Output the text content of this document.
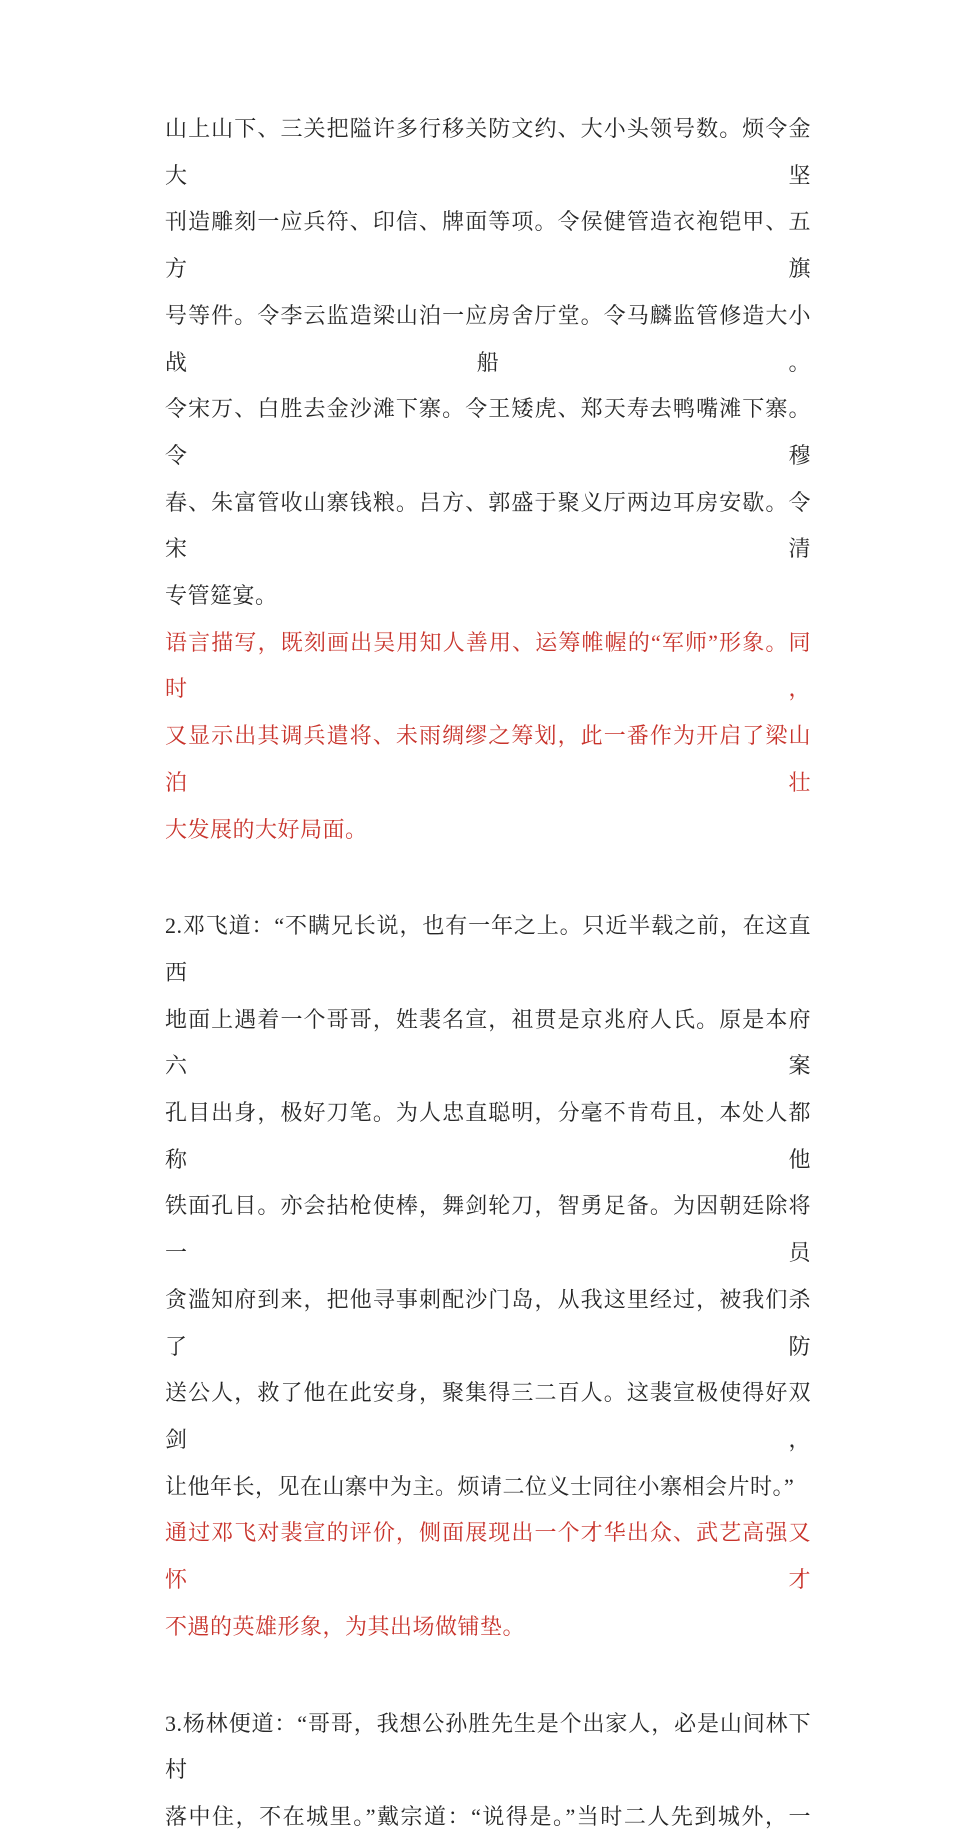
山上山下、三关把隘许多行移关防文约、大小头领号数。烦令金大坚
刊造雕刻一应兵符、印信、牌面等项。令侯健管造衣袍铠甲、五方旗
号等件。令李云监造梁山泊一应房舍厅堂。令马麟监管修造大小战船。
令宋万、白胜去金沙滩下寨。令王矮虎、郑天寿去鸭嘴滩下寨。令穆
春、朱富管收山寨钱粮。吕方、郭盛于聚义厅两边耳房安歇。令宋清
专管筵宴。
语言描写，既刻画出吴用知人善用、运筹帷幄的“军师”形象。同时，
又显示出其调兵遣将、未雨绸缪之筹划，此一番作为开启了梁山泊壮
大发展的大好局面。
2.邓飞道：“不瞒兄长说，也有一年之上。只近半载之前，在这直西
地面上遇着一个哥哥，姓裴名宣，祖贯是京兆府人氏。原是本府六案
孔目出身，极好刀笔。为人忠直聪明，分毫不肯苟且，本处人都称他
铁面孔目。亦会拈枪使棒，舞剑轮刀，智勇足备。为因朝廷除将一员
贪滥知府到来，把他寻事刺配沙门岛，从我这里经过，被我们杀了防
送公人，救了他在此安身，聚集得三二百人。这裴宣极使得好双剑，
让他年长，见在山寨中为主。烦请二位义士同往小寨相会片时。”
通过邓飞对裴宣的评价，侧面展现出一个才华出众、武艺高强又怀才
不遇的英雄形象，为其出场做铺垫。
3.杨林便道：“哥哥，我想公孙胜先生是个出家人，必是山间林下村
落中住，不在城里。”戴宗道：“说得是。”当时二人先到城外，一
